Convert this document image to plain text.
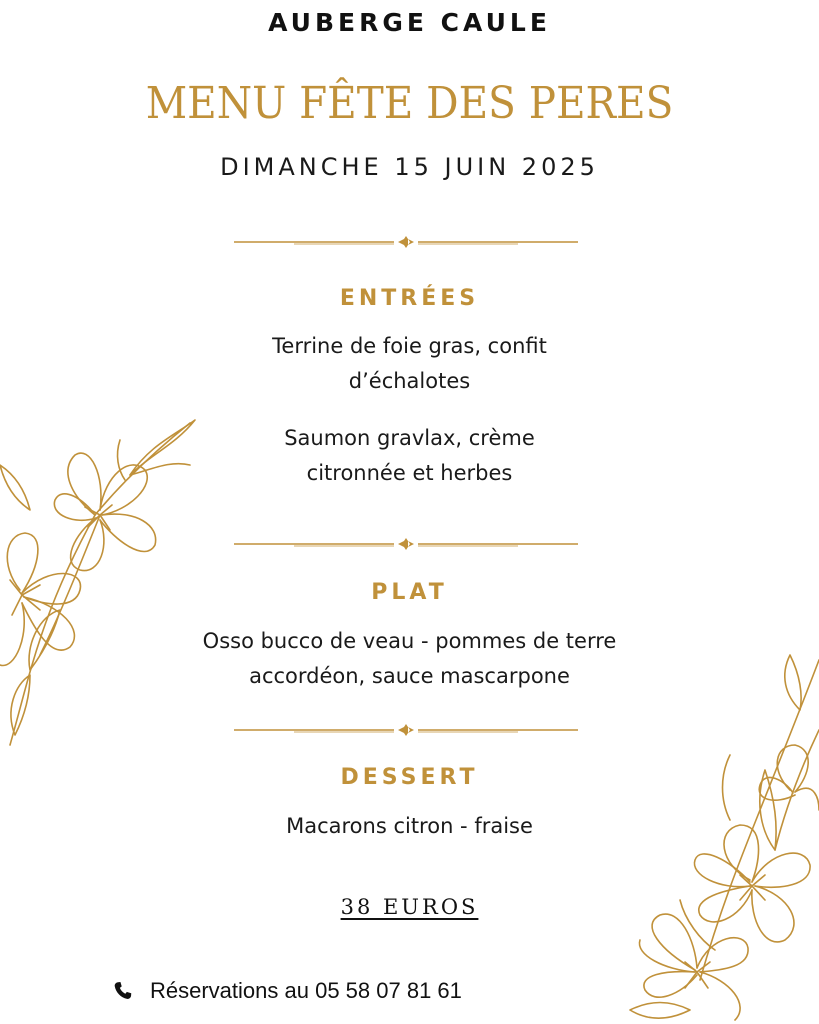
AUBERGE CAULE
MENU FÊTE DES PERES
DIMANCHE 15 JUIN 2025
ENTRÉES
Terrine de foie gras, confit
d’échalotes
Saumon gravlax, crème
citronnée et herbes
PLAT
Osso bucco de veau - pommes de terre
accordéon, sauce mascarpone
DESSERT
Macarons citron - fraise
38 EUROS
Réservations au 05 58 07 81 61
